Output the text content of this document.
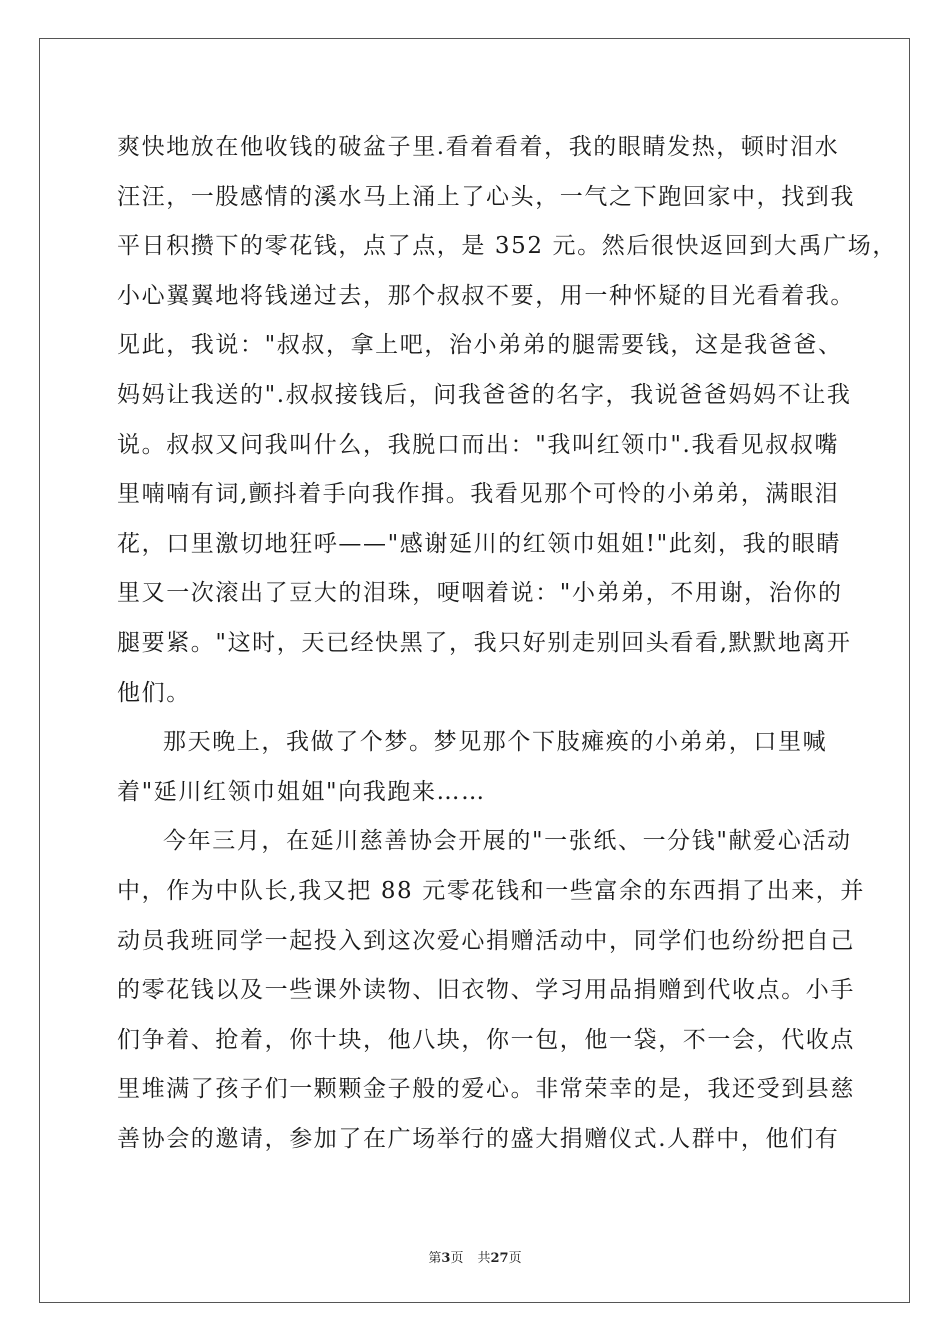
爽快地放在他收钱的破盆子里.看着看着，我的眼睛发热，顿时泪水
汪汪，一股感情的溪水马上涌上了心头，一气之下跑回家中，找到我
平日积攒下的零花钱，点了点，是 352 元。然后很快返回到大禹广场，
小心翼翼地将钱递过去，那个叔叔不要，用一种怀疑的目光看着我。
见此，我说："叔叔，拿上吧，治小弟弟的腿需要钱，这是我爸爸、
妈妈让我送的".叔叔接钱后，问我爸爸的名字，我说爸爸妈妈不让我
说。叔叔又问我叫什么，我脱口而出："我叫红领巾".我看见叔叔嘴
里喃喃有词,颤抖着手向我作揖。我看见那个可怜的小弟弟，满眼泪
花，口里激切地狂呼——"感谢延川的红领巾姐姐!"此刻，我的眼睛
里又一次滚出了豆大的泪珠，哽咽着说："小弟弟，不用谢，治你的
腿要紧。"这时，天已经快黑了，我只好别走别回头看看,默默地离开
他们。
那天晚上，我做了个梦。梦见那个下肢瘫痪的小弟弟，口里喊
着"延川红领巾姐姐"向我跑来……
今年三月，在延川慈善协会开展的"一张纸、一分钱"献爱心活动
中，作为中队长,我又把 88 元零花钱和一些富余的东西捐了出来，并
动员我班同学一起投入到这次爱心捐赠活动中，同学们也纷纷把自己
的零花钱以及一些课外读物、旧衣物、学习用品捐赠到代收点。小手
们争着、抢着，你十块，他八块，你一包，他一袋，不一会，代收点
里堆满了孩子们一颗颗金子般的爱心。非常荣幸的是，我还受到县慈
善协会的邀请，参加了在广场举行的盛大捐赠仪式.人群中，他们有
第3页 共27页
